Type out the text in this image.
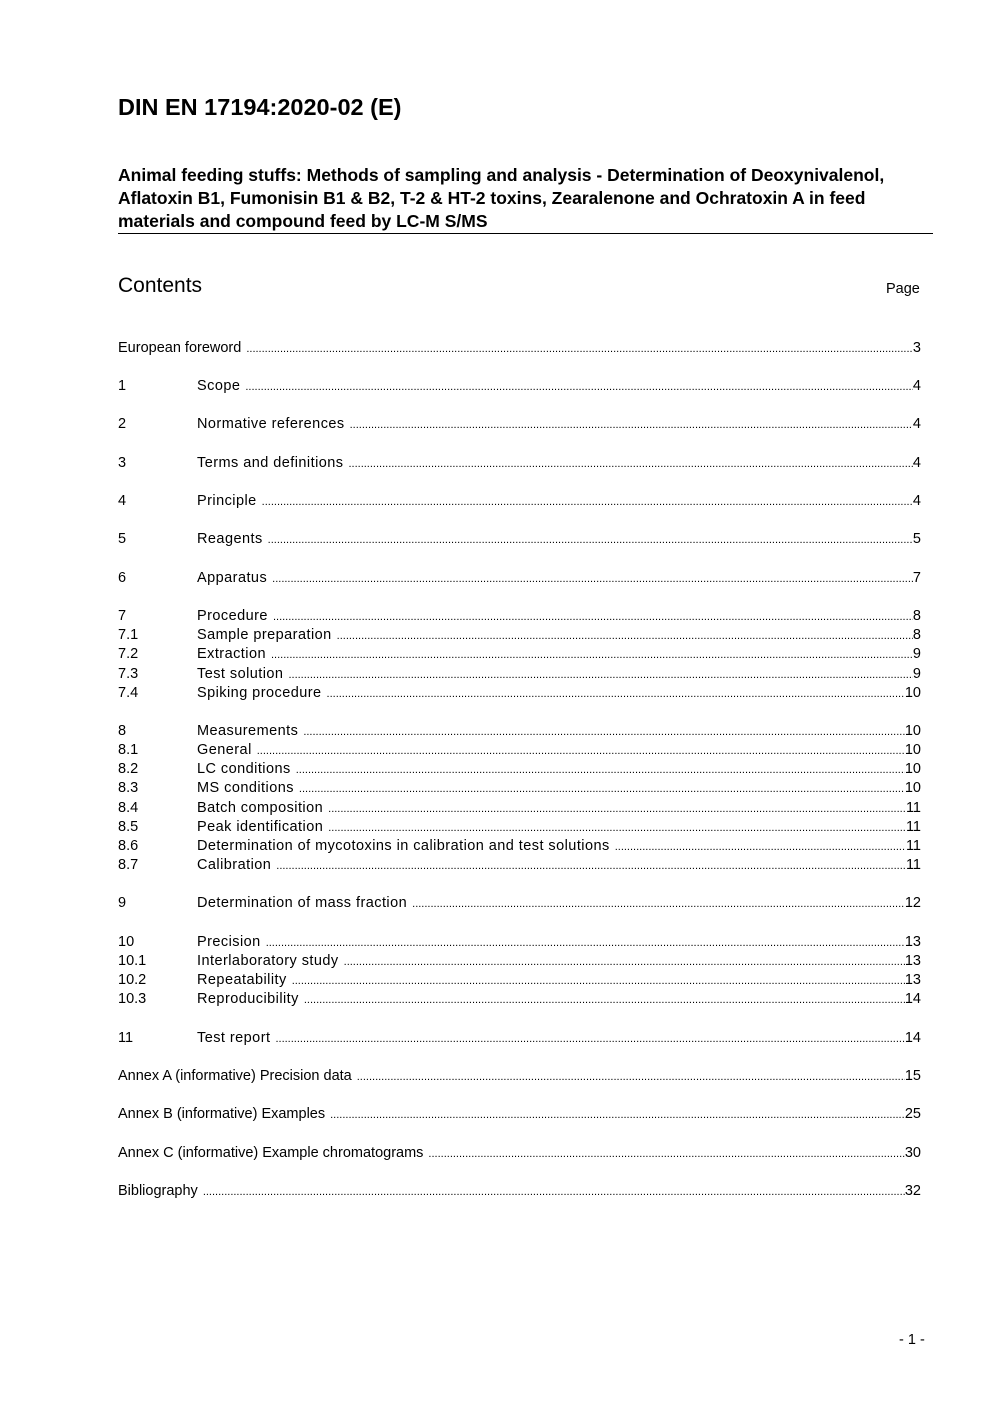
DIN EN 17194:2020-02 (E)
Animal feeding stuffs: Methods of sampling and analysis - Determination of Deoxynivalenol, Aflatoxin B1, Fumonisin B1 & B2, T-2 & HT-2 toxins, Zearalenone and Ochratoxin A in feed materials and compound feed by LC-M S/MS
Contents	Page
European foreword .....	3
1	Scope .....	4
2	Normative references .....	4
3	Terms and definitions .....	4
4	Principle .....	4
5	Reagents .....	5
6	Apparatus .....	7
7	Procedure .....	8
7.1	Sample preparation .....	8
7.2	Extraction .....	9
7.3	Test solution .....	9
7.4	Spiking procedure .....	10
8	Measurements .....	10
8.1	General .....	10
8.2	LC conditions .....	10
8.3	MS conditions .....	10
8.4	Batch composition .....	11
8.5	Peak identification .....	11
8.6	Determination of mycotoxins in calibration and test solutions .....	11
8.7	Calibration .....	11
9	Determination of mass fraction .....	12
10	Precision .....	13
10.1	Interlaboratory study .....	13
10.2	Repeatability .....	13
10.3	Reproducibility .....	14
11	Test report .....	14
Annex A (informative) Precision data .....	15
Annex B (informative) Examples .....	25
Annex C (informative) Example chromatograms .....	30
Bibliography .....	32
- 1 -
